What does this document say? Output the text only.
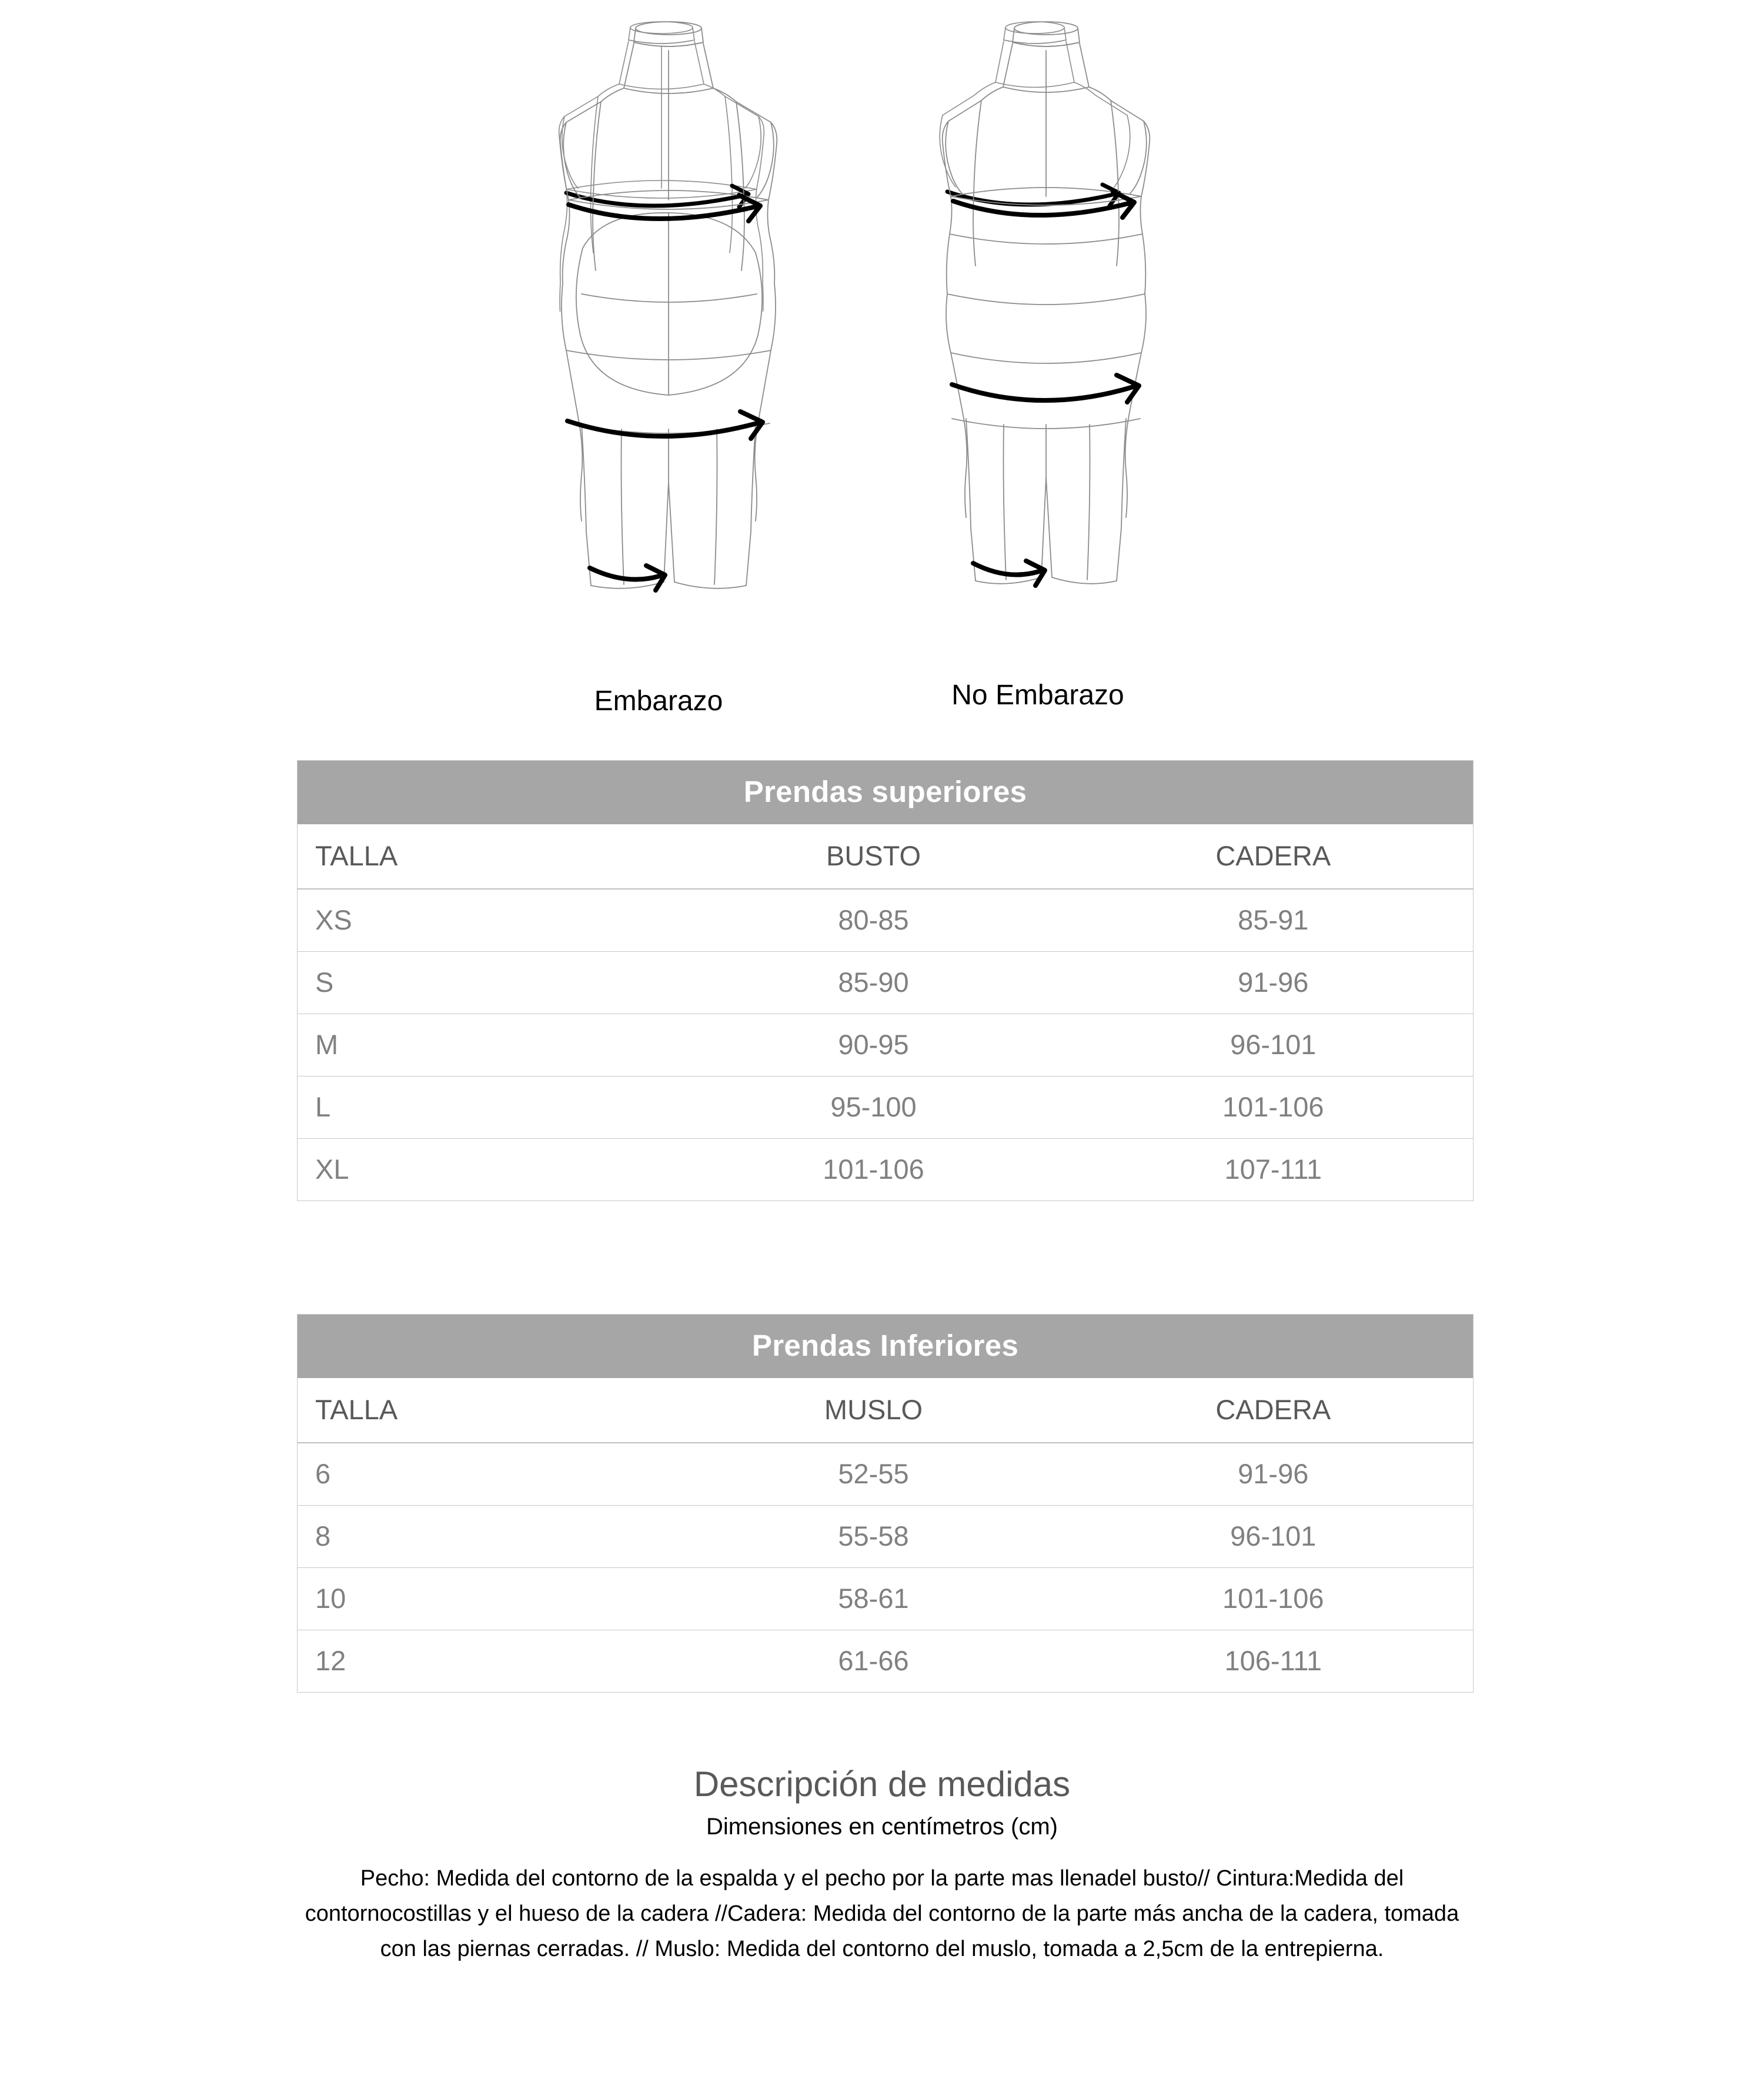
Embarazo	No Embarazo
Prendas superiores		
TALLA	BUSTO	CADERA
XS	80-85	85-91
S	85-90	91-96
M	90-95	96-101
L	95-100	101-106
XL	101-106	107-111
Prendas Inferiores		
TALLA	MUSLO	CADERA
6	52-55	91-96
8	55-58	96-101
10	58-61	101-106
12	61-66	106-111
Descripción de medidas
Dimensiones en centímetros (cm)
Pecho: Medida del contorno de la espalda y el pecho por la parte mas llenadel busto// Cintura:Medida del contornocostillas y el hueso de la cadera //Cadera: Medida del contorno de la parte más ancha de la cadera, tomada con las piernas cerradas. // Muslo: Medida del contorno del muslo, tomada a 2,5cm de la entrepierna.
